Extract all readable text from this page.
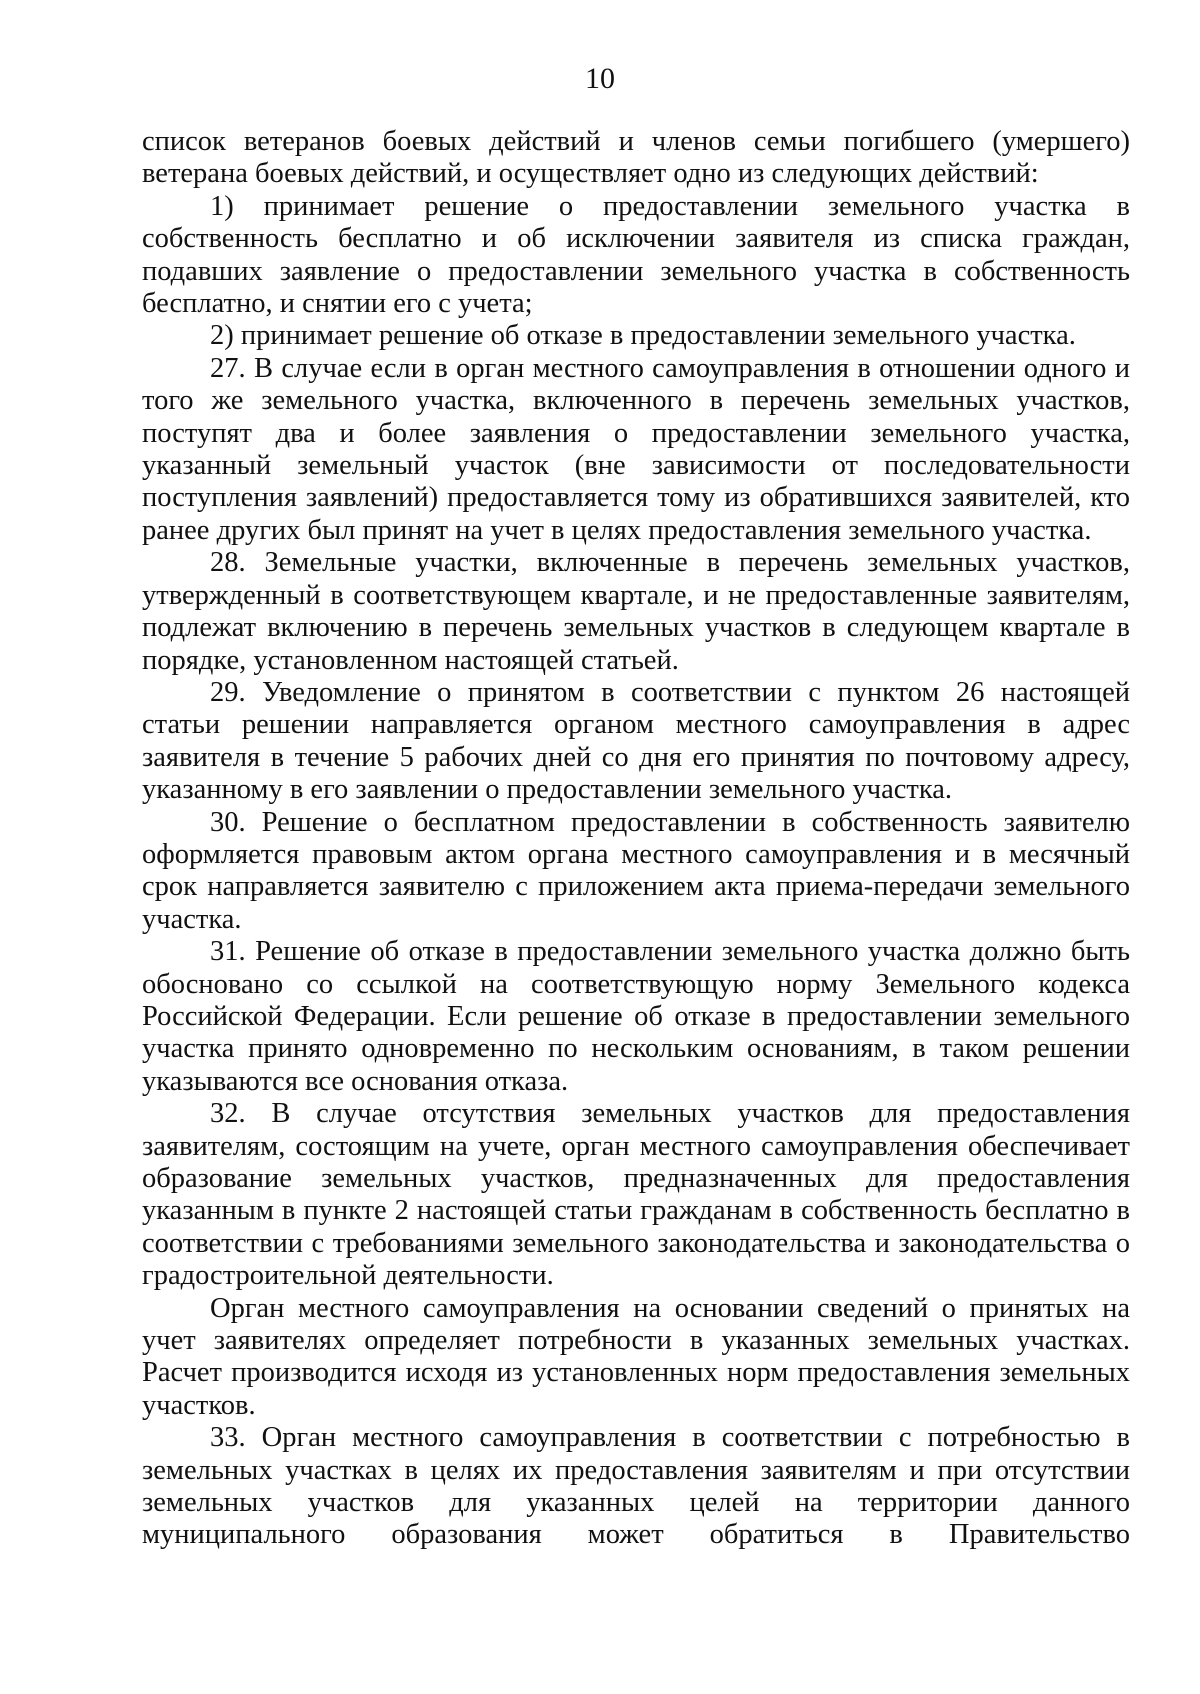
10

список ветеранов боевых действий и членов семьи погибшего (умершего) ветерана боевых действий, и осуществляет одно из следующих действий:

1) принимает решение о предоставлении земельного участка в собственность бесплатно и об исключении заявителя из списка граждан, подавших заявление о предоставлении земельного участка в собственность бесплатно, и снятии его с учета;

2) принимает решение об отказе в предоставлении земельного участка.

27. В случае если в орган местного самоуправления в отношении одного и того же земельного участка, включенного в перечень земельных участков, поступят два и более заявления о предоставлении земельного участка, указанный земельный участок (вне зависимости от последовательности поступления заявлений) предоставляется тому из обратившихся заявителей, кто ранее других был принят на учет в целях предоставления земельного участка.

28. Земельные участки, включенные в перечень земельных участков, утвержденный в соответствующем квартале, и не предоставленные заявителям, подлежат включению в перечень земельных участков в следующем квартале в порядке, установленном настоящей статьей.

29. Уведомление о принятом в соответствии с пунктом 26 настоящей статьи решении направляется органом местного самоуправления в адрес заявителя в течение 5 рабочих дней со дня его принятия по почтовому адресу, указанному в его заявлении о предоставлении земельного участка.

30. Решение о бесплатном предоставлении в собственность заявителю оформляется правовым актом органа местного самоуправления и в месячный срок направляется заявителю с приложением акта приема-передачи земельного участка.

31. Решение об отказе в предоставлении земельного участка должно быть обосновано со ссылкой на соответствующую норму Земельного кодекса Российской Федерации. Если решение об отказе в предоставлении земельного участка принято одновременно по нескольким основаниям, в таком решении указываются все основания отказа.

32. В случае отсутствия земельных участков для предоставления заявителям, состоящим на учете, орган местного самоуправления обеспечивает образование земельных участков, предназначенных для предоставления указанным в пункте 2 настоящей статьи гражданам в собственность бесплатно в соответствии с требованиями земельного законодательства и законодательства о градостроительной деятельности.

Орган местного самоуправления на основании сведений о принятых на учет заявителях определяет потребности в указанных земельных участках. Расчет производится исходя из установленных норм предоставления земельных участков.

33. Орган местного самоуправления в соответствии с потребностью в земельных участках в целях их предоставления заявителям и при отсутствии земельных участков для указанных целей на территории данного муниципального образования может обратиться в Правительство
